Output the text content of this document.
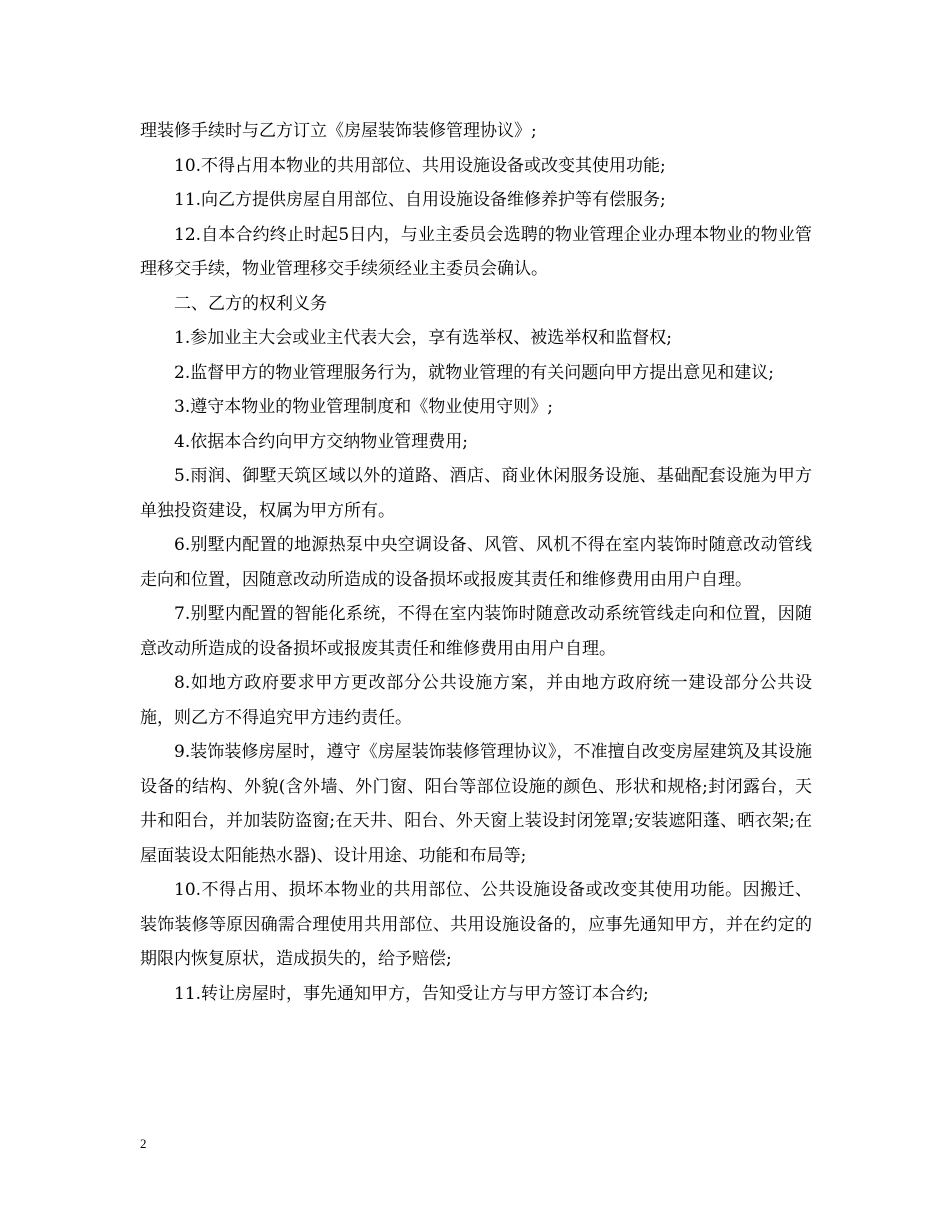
理装修手续时与乙方订立《房屋装饰装修管理协议》;

10.不得占用本物业的共用部位、共用设施设备或改变其使用功能;

11.向乙方提供房屋自用部位、自用设施设备维修养护等有偿服务;

12.自本合约终止时起5日内，与业主委员会选聘的物业管理企业办理本物业的物业管理移交手续，物业管理移交手续须经业主委员会确认。

二、乙方的权利义务

1.参加业主大会或业主代表大会，享有选举权、被选举权和监督权;

2.监督甲方的物业管理服务行为，就物业管理的有关问题向甲方提出意见和建议;

3.遵守本物业的物业管理制度和《物业使用守则》;

4.依据本合约向甲方交纳物业管理费用;

5.雨润、御墅天筑区域以外的道路、酒店、商业休闲服务设施、基础配套设施为甲方单独投资建设，权属为甲方所有。

6.别墅内配置的地源热泵中央空调设备、风管、风机不得在室内装饰时随意改动管线走向和位置，因随意改动所造成的设备损坏或报废其责任和维修费用由用户自理。

7.别墅内配置的智能化系统，不得在室内装饰时随意改动系统管线走向和位置，因随意改动所造成的设备损坏或报废其责任和维修费用由用户自理。

8.如地方政府要求甲方更改部分公共设施方案，并由地方政府统一建设部分公共设施，则乙方不得追究甲方违约责任。

9.装饰装修房屋时，遵守《房屋装饰装修管理协议》，不准擅自改变房屋建筑及其设施设备的结构、外貌(含外墙、外门窗、阳台等部位设施的颜色、形状和规格;封闭露台，天井和阳台，并加装防盗窗;在天井、阳台、外天窗上装设封闭笼罩;安装遮阳蓬、晒衣架;在屋面装设太阳能热水器)、设计用途、功能和布局等;

10.不得占用、损坏本物业的共用部位、公共设施设备或改变其使用功能。因搬迁、装饰装修等原因确需合理使用共用部位、共用设施设备的，应事先通知甲方，并在约定的期限内恢复原状，造成损失的，给予赔偿;

11.转让房屋时，事先通知甲方，告知受让方与甲方签订本合约;

2
